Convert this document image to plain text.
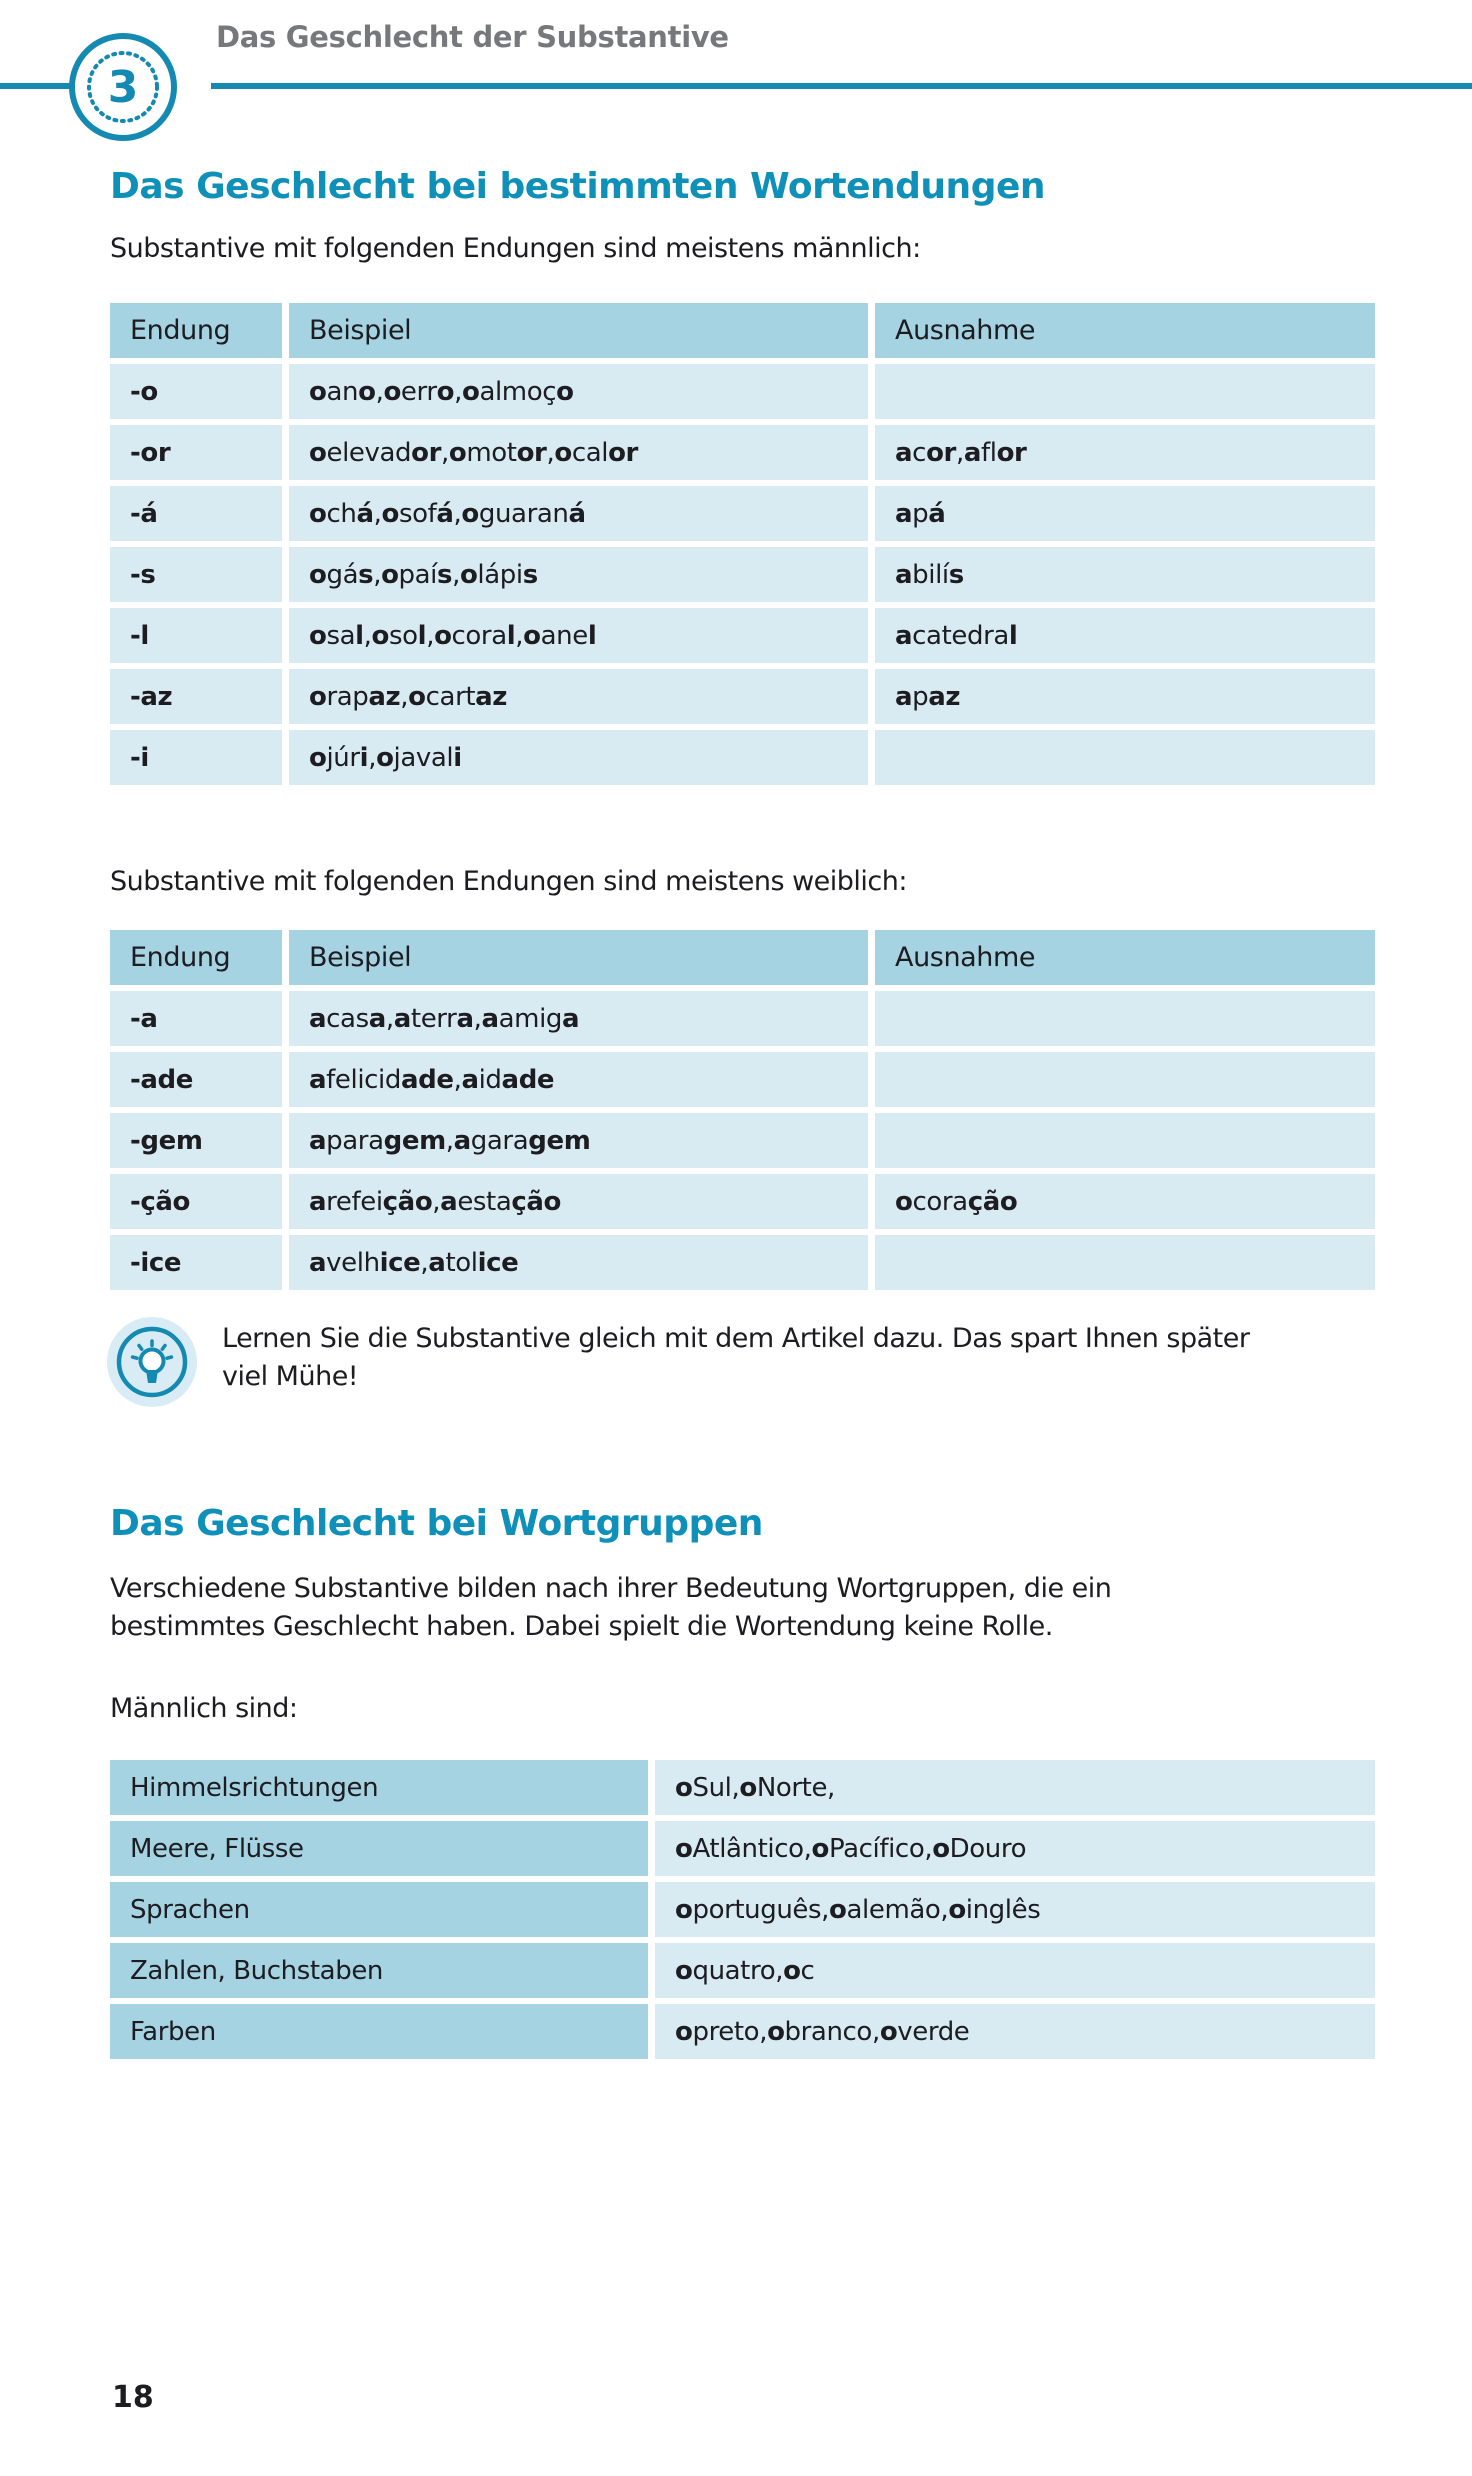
3
Das Geschlecht der Substantive
Das Geschlecht bei bestimmten Wortendungen
Substantive mit folgenden Endungen sind meistens männlich:
Endung	Beispiel	Ausnahme
-o	o an o , o err o , o almoç o
-or	o elevad or , o mot or , o cal or	a c or , a fl or
-á	o ch á , o sof á , o guaran á	a p á
-s	o gá s , o paí s , o lápi s	a bilí s
-l	o sa l , o so l , o cora l , o ane l	a catedra l
-az	o rap az , o cart az	a p az
-i	o júr i , o javal i
Substantive mit folgenden Endungen sind meistens weiblich:
Endung	Beispiel	Ausnahme
-a	a cas a , a terr a , a amig a
-ade	a felicid ade , a id ade
-gem	a para gem , a gara gem
-ção	a refei ção , a esta ção	o cora ção
-ice	a velh ice , a tol ice
Lernen Sie die Substantive gleich mit dem Artikel dazu. Das spart Ihnen später viel Mühe!
Das Geschlecht bei Wortgruppen
Verschiedene Substantive bilden nach ihrer Bedeutung Wortgruppen, die ein bestimmtes Geschlecht haben. Dabei spielt die Wortendung keine Rolle.
Männlich sind:
Himmelsrichtungen	o Sul, o Norte,
Meere, Flüsse	o Atlântico, o Pacífico, o Douro
Sprachen	o português, o alemão, o inglês
Zahlen, Buchstaben	o quatro, o c
Farben	o preto, o branco, o verde
18
